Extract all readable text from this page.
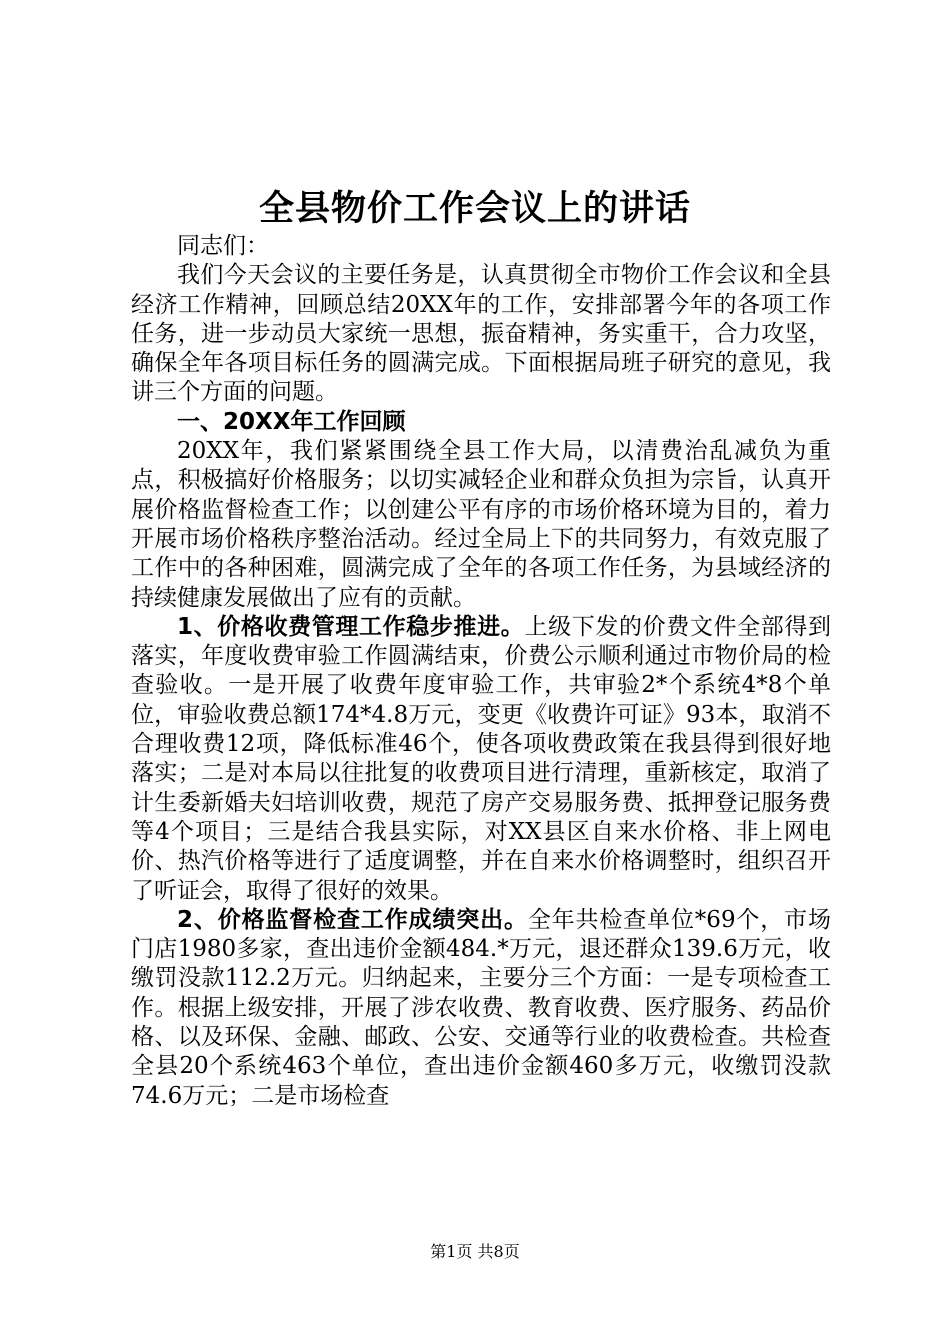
全县物价工作会议上的讲话

同志们：

我们今天会议的主要任务是，认真贯彻全市物价工作会议和全县经济工作精神，回顾总结20XX年的工作，安排部署今年的各项工作任务，进一步动员大家统一思想，振奋精神，务实重干，合力攻坚，确保全年各项目标任务的圆满完成。下面根据局班子研究的意见，我讲三个方面的问题。

一、20XX年工作回顾

20XX年，我们紧紧围绕全县工作大局，以清费治乱减负为重点，积极搞好价格服务；以切实减轻企业和群众负担为宗旨，认真开展价格监督检查工作；以创建公平有序的市场价格环境为目的，着力开展市场价格秩序整治活动。经过全局上下的共同努力，有效克服了工作中的各种困难，圆满完成了全年的各项工作任务，为县域经济的持续健康发展做出了应有的贡献。

1、价格收费管理工作稳步推进。上级下发的价费文件全部得到落实，年度收费审验工作圆满结束，价费公示顺利通过市物价局的检查验收。一是开展了收费年度审验工作，共审验2*个系统4*8个单位，审验收费总额174*4.8万元，变更《收费许可证》93本，取消不合理收费12项，降低标准46个，使各项收费政策在我县得到很好地落实；二是对本局以往批复的收费项目进行清理，重新核定，取消了计生委新婚夫妇培训收费，规范了房产交易服务费、抵押登记服务费等4个项目；三是结合我县实际，对XX县区自来水价格、非上网电价、热汽价格等进行了适度调整，并在自来水价格调整时，组织召开了听证会，取得了很好的效果。

2、价格监督检查工作成绩突出。全年共检查单位*69个，市场门店1980多家，查出违价金额484.*万元，退还群众139.6万元，收缴罚没款112.2万元。归纳起来，主要分三个方面：一是专项检查工作。根据上级安排，开展了涉农收费、教育收费、医疗服务、药品价格、以及环保、金融、邮政、公安、交通等行业的收费检查。共检查全县20个系统463个单位，查出违价金额460多万元，收缴罚没款74.6万元；二是市场检查

第1页 共8页
